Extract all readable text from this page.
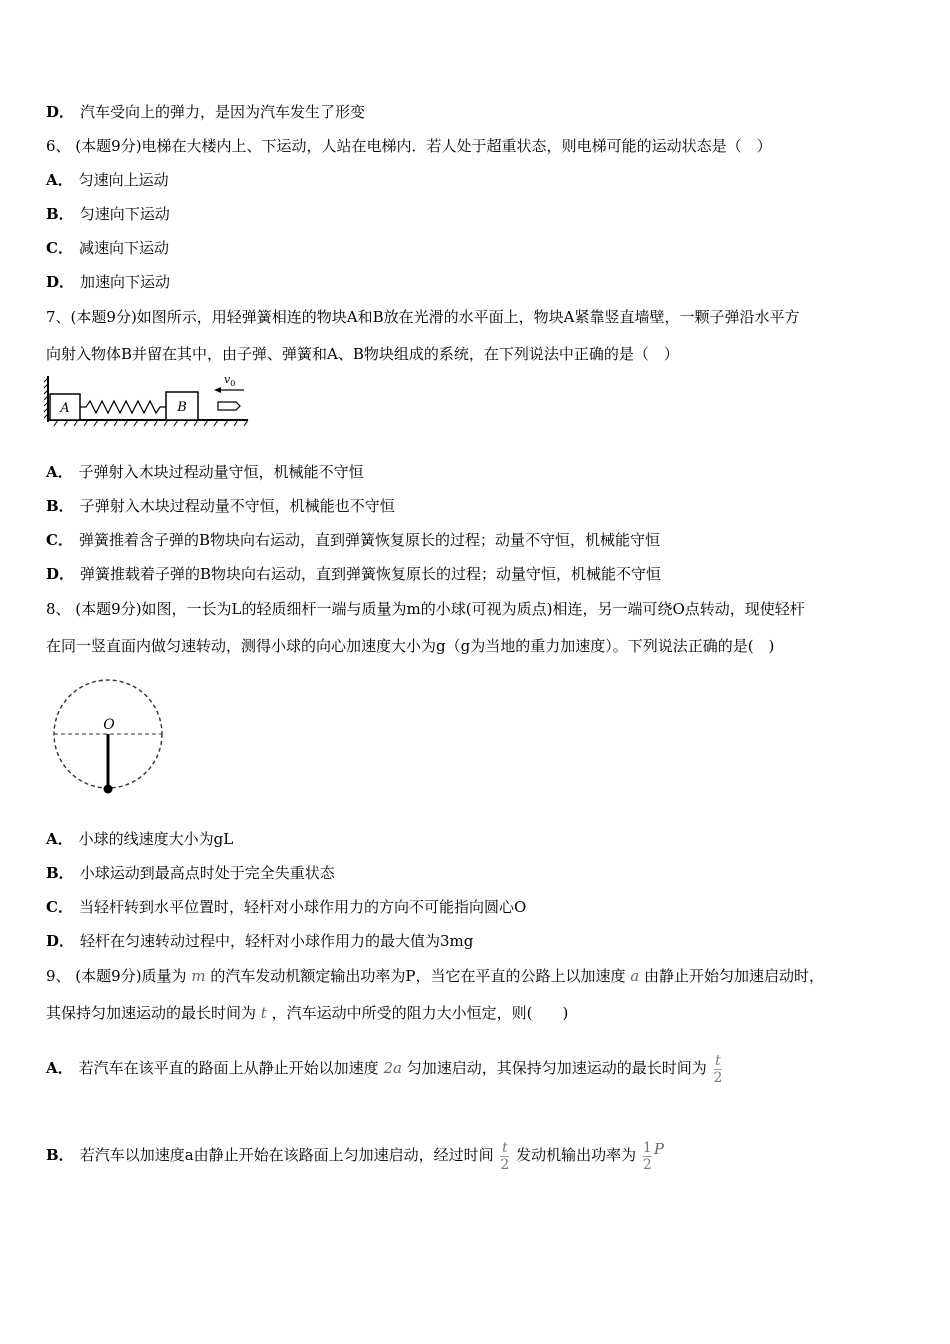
D． 汽车受向上的弹力，是因为汽车发生了形变
6、 (本题9分)电梯在大楼内上、下运动，人站在电梯内．若人处于超重状态，则电梯可能的运动状态是（　）
A． 匀速向上运动
B． 匀速向下运动
C． 减速向下运动
D． 加速向下运动
7、(本题9分)如图所示，用轻弹簧相连的物块A和B放在光滑的水平面上，物块A紧靠竖直墙壁，一颗子弹沿水平方
向射入物体B并留在其中，由子弹、弹簧和A、B物块组成的系统，在下列说法中正确的是（　）
A	B
$v_0$
A． 子弹射入木块过程动量守恒，机械能不守恒
B． 子弹射入木块过程动量不守恒，机械能也不守恒
C． 弹簧推着含子弹的B物块向右运动，直到弹簧恢复原长的过程；动量不守恒，机械能守恒
D． 弹簧推载着子弹的B物块向右运动，直到弹簧恢复原长的过程；动量守恒，机械能不守恒
8、 (本题9分)如图，一长为L的轻质细杆一端与质量为m的小球(可视为质点)相连，另一端可绕O点转动，现使轻杆
在同一竖直面内做匀速转动，测得小球的向心加速度大小为g（g为当地的重力加速度）。下列说法正确的是(　)
O
A． 小球的线速度大小为gL
B． 小球运动到最高点时处于完全失重状态
C． 当轻杆转到水平位置时，轻杆对小球作用力的方向不可能指向圆心O
D． 轻杆在匀速转动过程中，轻杆对小球作用力的最大值为3mg
9、 (本题9分)质量为 m 的汽车发动机额定输出功率为P，当它在平直的公路上以加速度 a 由静止开始匀加速启动时，
其保持匀加速运动的最长时间为 t ，汽车运动中所受的阻力大小恒定，则(　　)
A． 若汽车在该平直的路面上从静止开始以加速度 2a 匀加速启动，其保持匀加速运动的最长时间为 $\frac{t}{2}$
B． 若汽车以加速度a由静止开始在该路面上匀加速启动，经过时间 $\frac{t}{2}$ 发动机输出功率为 $\frac{1}{2}$ P
